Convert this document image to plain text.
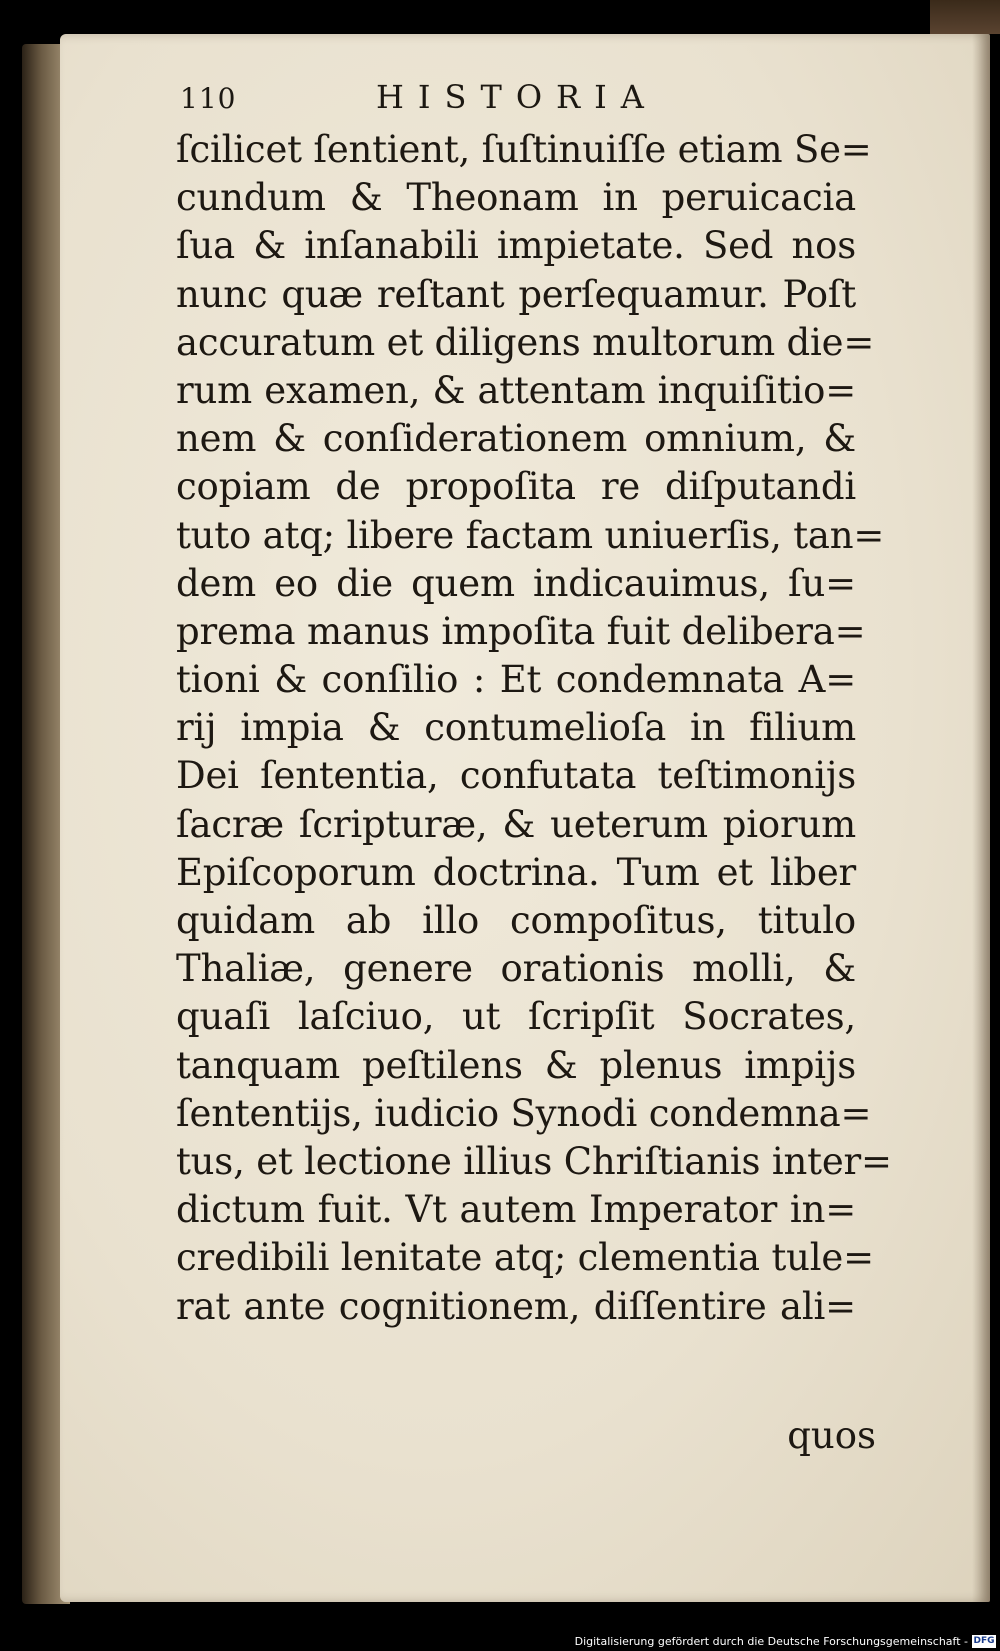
110	HISTORIA
ſcilicet ſentient, ſuſtinuiſſe etiam Se=
cundum & Theonam in peruicacia
ſua & inſanabili impietate. Sed nos
nunc quæ reſtant perſequamur. Poſt
accuratum et diligens multorum die=
rum examen, & attentam inquiſitio=
nem & conſiderationem omnium, &
copiam de propoſita re diſputandi
tuto atq; libere factam uniuerſis, tan=
dem eo die quem indicauimus, ſu=
prema manus impoſita fuit delibera=
tioni & conſilio : Et condemnata A=
rij impia & contumelioſa in filium
Dei ſententia, confutata teſtimonijs
ſacræ ſcripturæ, & ueterum piorum
Epiſcoporum doctrina. Tum et liber
quidam ab illo compoſitus, titulo
Thaliæ, genere orationis molli, &
quaſi laſciuo, ut ſcripſit Socrates,
tanquam peſtilens & plenus impijs
ſententijs, iudicio Synodi condemna=
tus, et lectione illius Chriſtianis inter=
dictum fuit. Vt autem Imperator in=
credibili lenitate atq; clementia tule=
rat ante cognitionem, diſſentire ali=
quos
Digitalisierung gefördert durch die Deutsche Forschungsgemeinschaft - DFG
